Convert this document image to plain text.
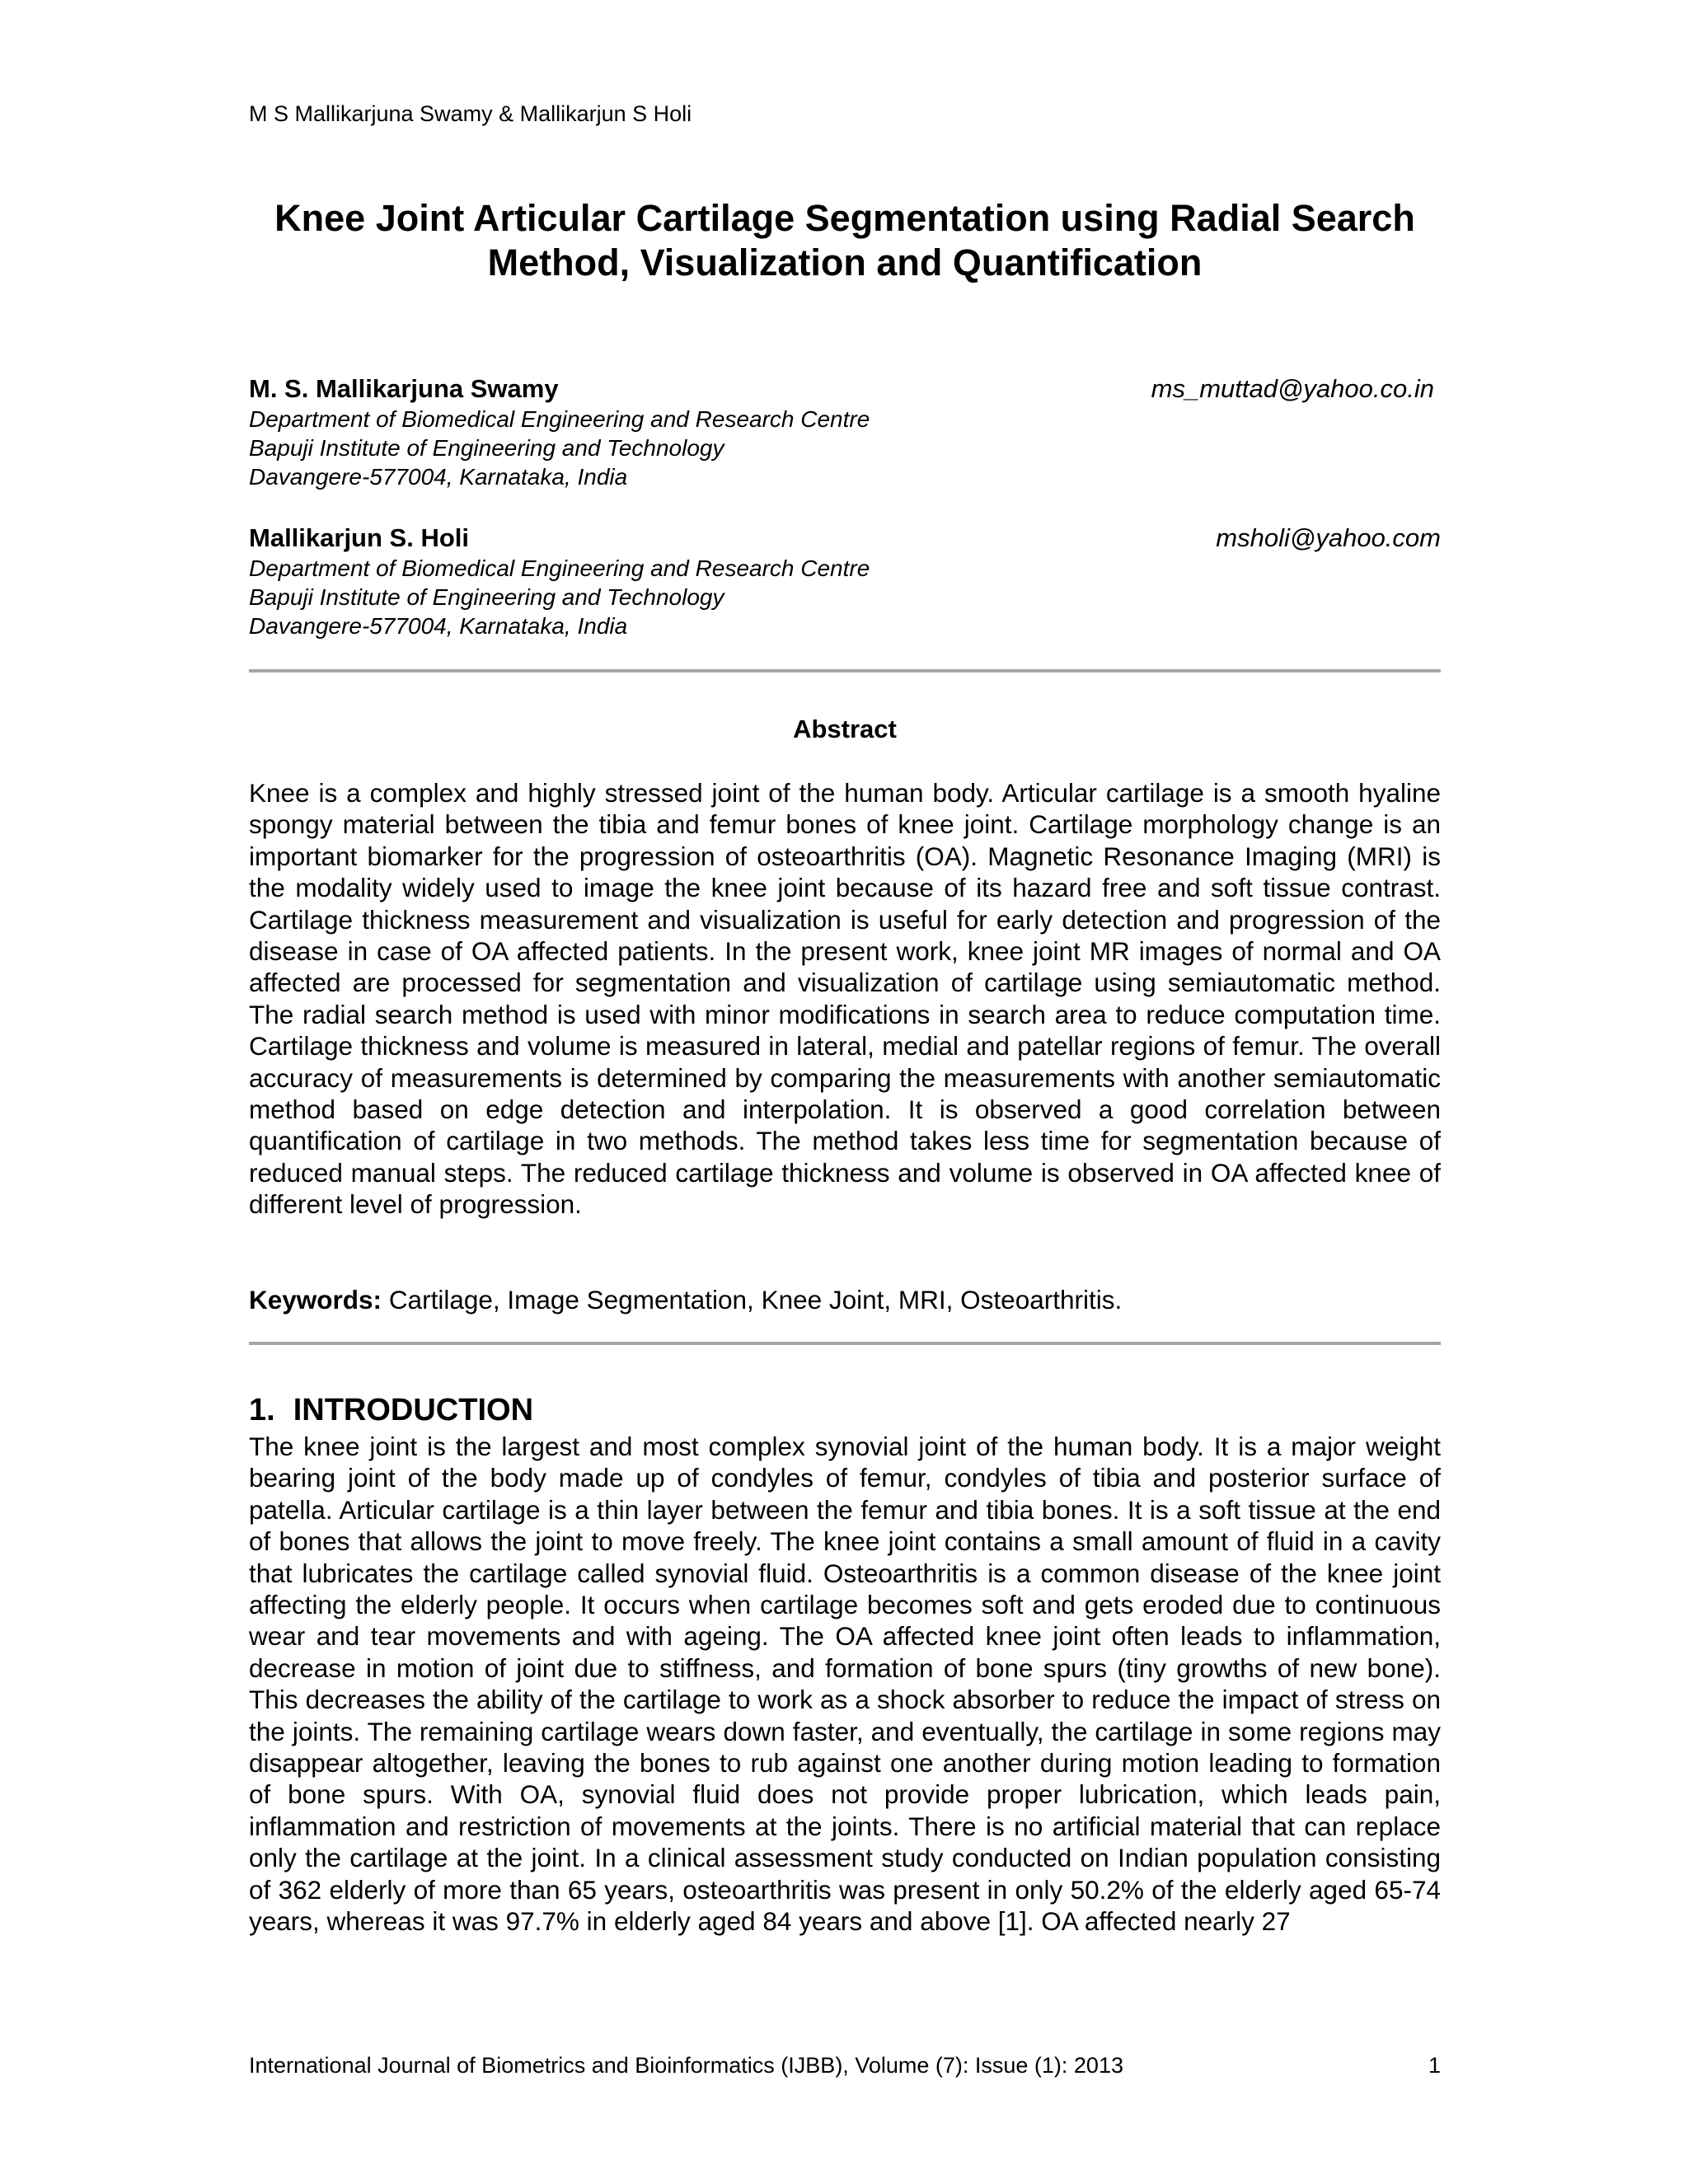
M S Mallikarjuna Swamy & Mallikarjun S Holi

Knee Joint Articular Cartilage Segmentation using Radial Search Method, Visualization and Quantification

M. S. Mallikarjuna Swamy	ms_muttad@yahoo.co.in

Department of Biomedical Engineering and Research Centre

Bapuji Institute of Engineering and Technology

Davangere-577004, Karnataka, India

Mallikarjun S. Holi	msholi@yahoo.com

Department of Biomedical Engineering and Research Centre

Bapuji Institute of Engineering and Technology

Davangere-577004, Karnataka, India

Abstract

Knee is a complex and highly stressed joint of the human body. Articular cartilage is a smooth hyaline spongy material between the tibia and femur bones of knee joint. Cartilage morphology change is an important biomarker for the progression of osteoarthritis (OA). Magnetic Resonance Imaging (MRI) is the modality widely used to image the knee joint because of its hazard free and soft tissue contrast. Cartilage thickness measurement and visualization is useful for early detection and progression of the disease in case of OA affected patients. In the present work, knee joint MR images of normal and OA affected are processed for segmentation and visualization of cartilage using semiautomatic method. The radial search method is used with minor modifications in search area to reduce computation time. Cartilage thickness and volume is measured in lateral, medial and patellar regions of femur. The overall accuracy of measurements is determined by comparing the measurements with another semiautomatic method based on edge detection and interpolation. It is observed a good correlation between quantification of cartilage in two methods. The method takes less time for segmentation because of reduced manual steps. The reduced cartilage thickness and volume is observed in OA affected knee of different level of progression.

Keywords: Cartilage, Image Segmentation, Knee Joint, MRI, Osteoarthritis.

1. INTRODUCTION

The knee joint is the largest and most complex synovial joint of the human body. It is a major weight bearing joint of the body made up of condyles of femur, condyles of tibia and posterior surface of patella. Articular cartilage is a thin layer between the femur and tibia bones. It is a soft tissue at the end of bones that allows the joint to move freely. The knee joint contains a small amount of fluid in a cavity that lubricates the cartilage called synovial fluid. Osteoarthritis is a common disease of the knee joint affecting the elderly people. It occurs when cartilage becomes soft and gets eroded due to continuous wear and tear movements and with ageing. The OA affected knee joint often leads to inflammation, decrease in motion of joint due to stiffness, and formation of bone spurs (tiny growths of new bone). This decreases the ability of the cartilage to work as a shock absorber to reduce the impact of stress on the joints. The remaining cartilage wears down faster, and eventually, the cartilage in some regions may disappear altogether, leaving the bones to rub against one another during motion leading to formation of bone spurs. With OA, synovial fluid does not provide proper lubrication, which leads pain, inflammation and restriction of movements at the joints. There is no artificial material that can replace only the cartilage at the joint. In a clinical assessment study conducted on Indian population consisting of 362 elderly of more than 65 years, osteoarthritis was present in only 50.2% of the elderly aged 65-74 years, whereas it was 97.7% in elderly aged 84 years and above [1]. OA affected nearly 27

International Journal of Biometrics and Bioinformatics (IJBB), Volume (7): Issue (1): 2013	1
